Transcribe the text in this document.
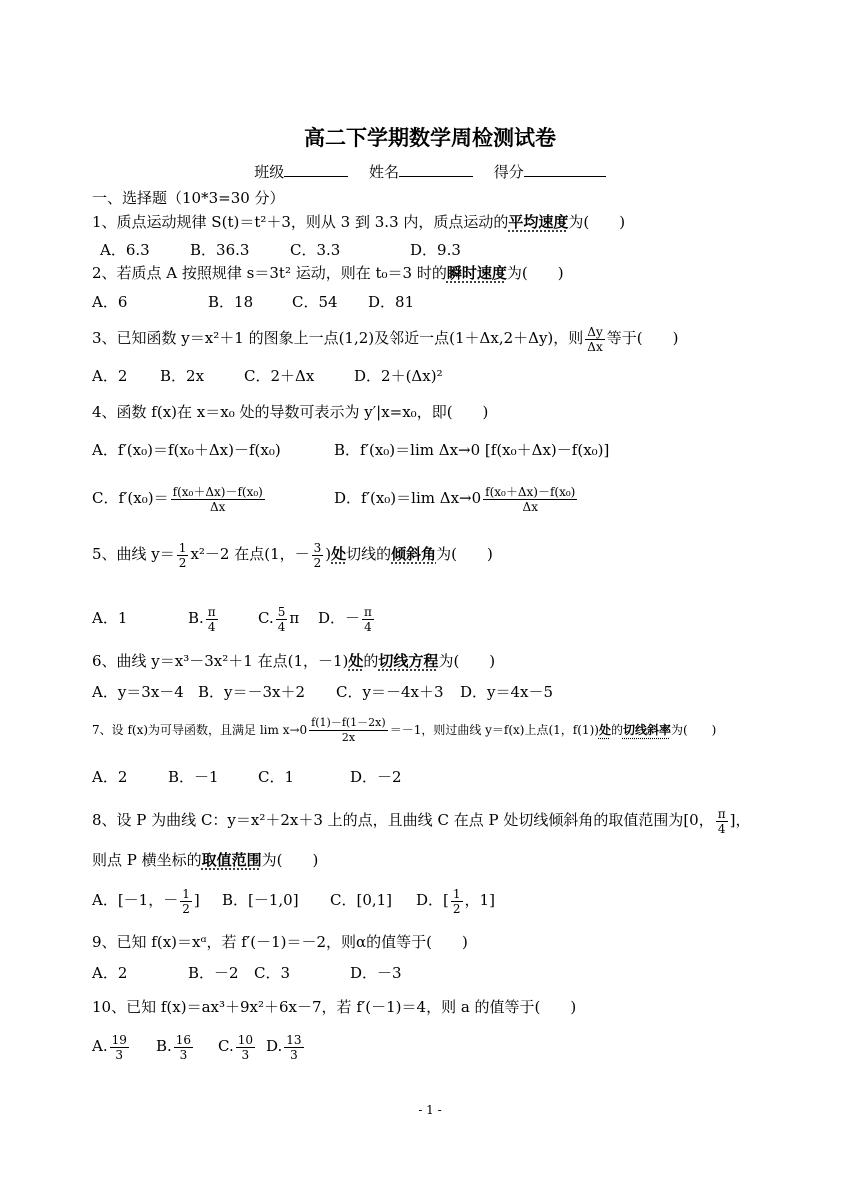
高二下学期数学周检测试卷
班级	姓名	得分
一、选择题（10*3=30 分）
1、质点运动规律 S(t)＝t²＋3，则从 3 到 3.3 内，质点运动的平均速度为(　　)
A．6.3	B．36.3	C．3.3	D．9.3
2、若质点 A 按照规律 s＝3t² 运动，则在 t₀＝3 时的瞬时速度为(　　)
A．6	B．18	C．54 D．81
3、已知函数 y＝x²＋1 的图象上一点(1,2)及邻近一点(1＋Δx,2＋Δy)，则 $\frac{\Delta y}{\Delta x}$ 等于(　　)
A．2 B．2x	C．2＋Δx	D．2＋(Δx)²
4、函数 f(x)在 x＝x₀ 处的导数可表示为 y′|x=x₀，即(　　)
A．f′(x₀)＝f(x₀＋Δx)－f(x₀)	B．f′(x₀)＝lim Δx→0 [f(x₀＋Δx)－f(x₀)]
C．$f'(x_0)= \frac{\text{f(x₀＋Δx)－f(x₀)}}{\Delta x}$	D．f′(x₀)＝lim $\Delta x\to 0 \frac{\text{f(x₀＋Δx)－f(x₀)}}{\Delta x}$
5、曲线 $y= \frac{1}{2} x^2-2$ 在点(1，－ $\frac{3}{2}$ )处切线的倾斜角为(　　)
A．1	B. $\frac{\pi}{4}$	C. $\frac{5}{4}$ π D．－ $\frac{\pi}{4}$
6、曲线 y＝x³－3x²＋1 在点(1，－1)处的切线方程为(　　)
A．y＝3x－4 B．y＝－3x＋2 C．y＝－4x＋3 D．y＝4x－5
7、设 f(x)为可导函数，且满足 $\lim x\to 0 \frac{f(1)-f(1-2x)}{2x} =-1$，则过曲线 y＝f(x)上点(1，f(1))处的切线斜率为(　　)
A．2	B．－1	C．1	D．－2
8、设 P 为曲线 C：y＝x²＋2x＋3 上的点，且曲线 C 在点 P 处切线倾斜角的取值范围为[0， $\frac{\pi}{4}$ ]，
则点 P 横坐标的取值范围为(　　)
A．[－1，－ $\frac{1}{2}$ ] B．[－1,0] C．[0,1] D．[ $\frac{1}{2}$ ，1]
9、已知 f(x)＝xᵅ，若 f′(－1)＝－2，则α的值等于(　　)
A．2	B．－2 C．3	D．－3
10、已知 f(x)＝ax³＋9x²＋6x－7，若 f′(－1)＝4，则 a 的值等于(　　)
A. $\frac{19}{3} B$. $\frac{16}{3} C$. $\frac{10}{3} D$. $\frac{13}{3}$
- 1 -
